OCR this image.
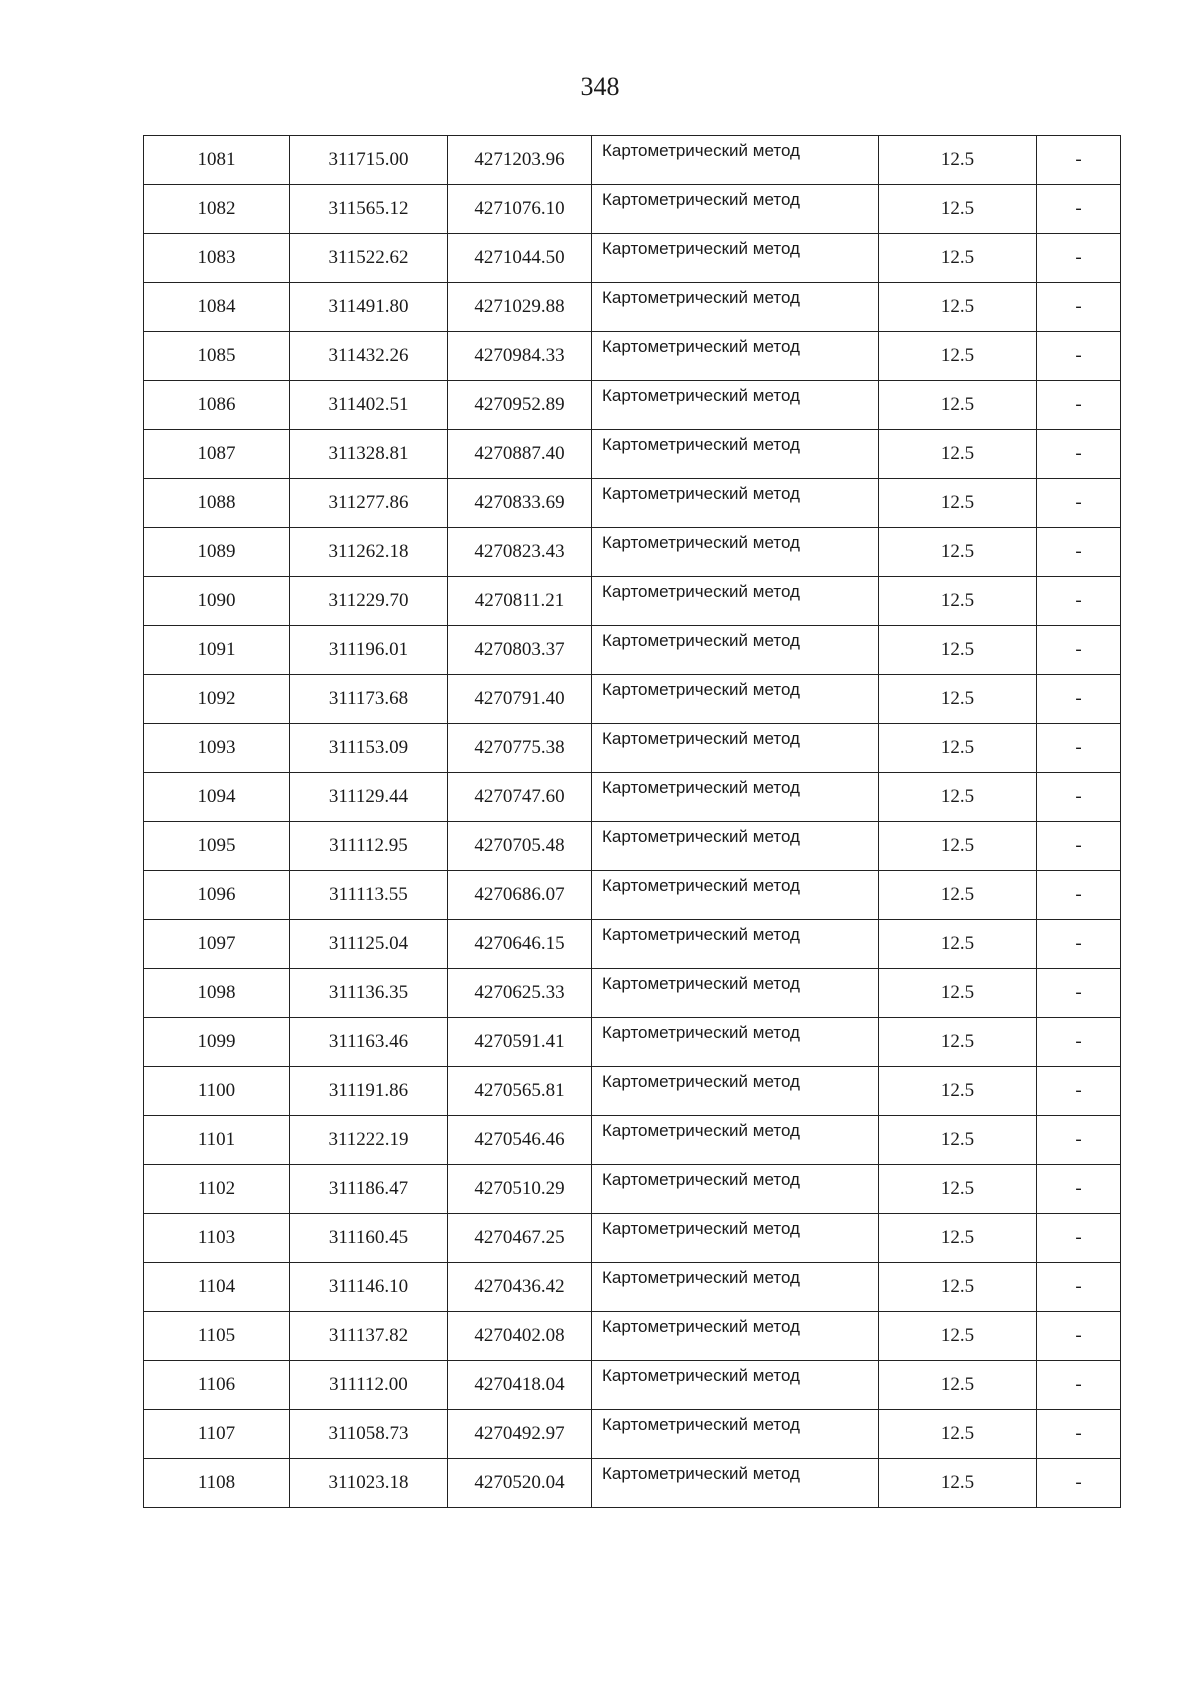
348
1081	311715.00	4271203.96	Картометрический метод	12.5	-
1082	311565.12	4271076.10	Картометрический метод	12.5	-
1083	311522.62	4271044.50	Картометрический метод	12.5	-
1084	311491.80	4271029.88	Картометрический метод	12.5	-
1085	311432.26	4270984.33	Картометрический метод	12.5	-
1086	311402.51	4270952.89	Картометрический метод	12.5	-
1087	311328.81	4270887.40	Картометрический метод	12.5	-
1088	311277.86	4270833.69	Картометрический метод	12.5	-
1089	311262.18	4270823.43	Картометрический метод	12.5	-
1090	311229.70	4270811.21	Картометрический метод	12.5	-
1091	311196.01	4270803.37	Картометрический метод	12.5	-
1092	311173.68	4270791.40	Картометрический метод	12.5	-
1093	311153.09	4270775.38	Картометрический метод	12.5	-
1094	311129.44	4270747.60	Картометрический метод	12.5	-
1095	311112.95	4270705.48	Картометрический метод	12.5	-
1096	311113.55	4270686.07	Картометрический метод	12.5	-
1097	311125.04	4270646.15	Картометрический метод	12.5	-
1098	311136.35	4270625.33	Картометрический метод	12.5	-
1099	311163.46	4270591.41	Картометрический метод	12.5	-
1100	311191.86	4270565.81	Картометрический метод	12.5	-
1101	311222.19	4270546.46	Картометрический метод	12.5	-
1102	311186.47	4270510.29	Картометрический метод	12.5	-
1103	311160.45	4270467.25	Картометрический метод	12.5	-
1104	311146.10	4270436.42	Картометрический метод	12.5	-
1105	311137.82	4270402.08	Картометрический метод	12.5	-
1106	311112.00	4270418.04	Картометрический метод	12.5	-
1107	311058.73	4270492.97	Картометрический метод	12.5	-
1108	311023.18	4270520.04	Картометрический метод	12.5	-
